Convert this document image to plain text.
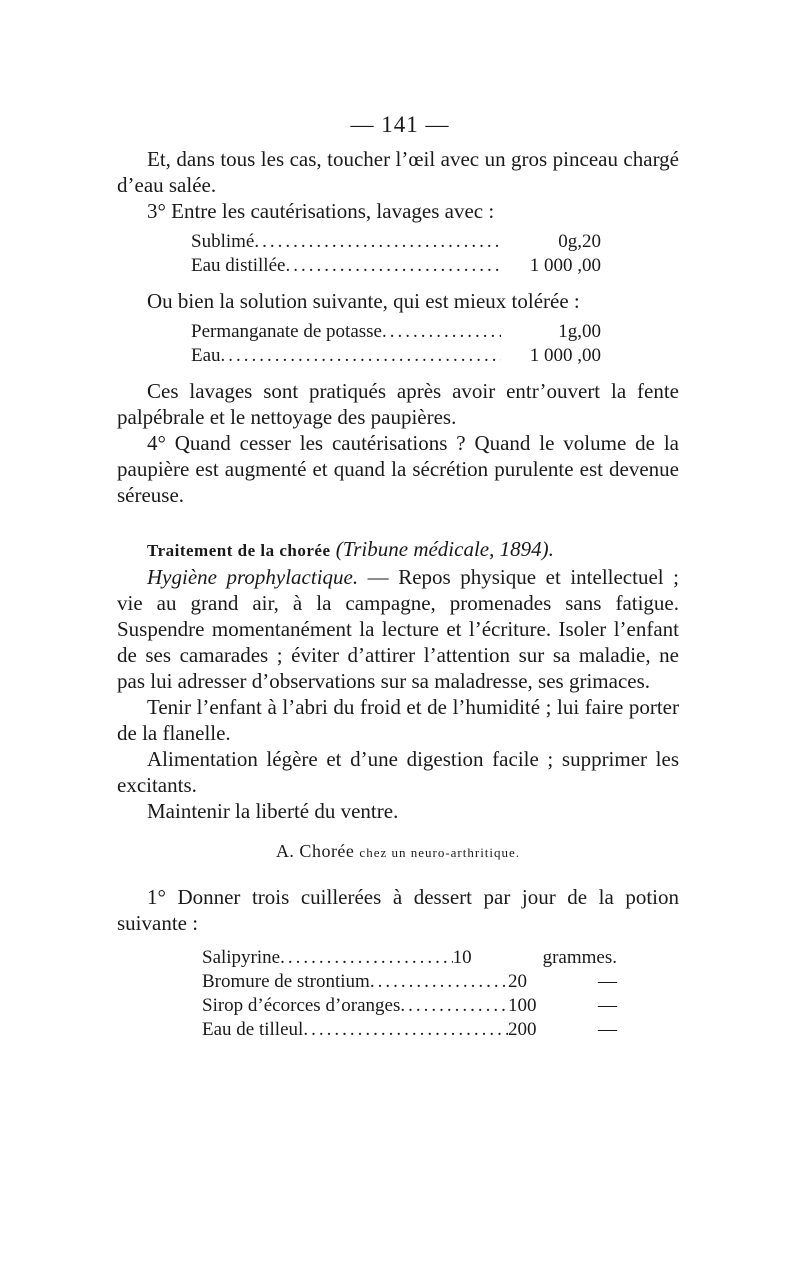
— 141 —

Et, dans tous les cas, toucher l’œil avec un gros pinceau chargé d’eau salée.

3° Entre les cautérisations, lavages avec :

Sublimé .....	0g,20
Eau distillée .....	1 000 ,00

Ou bien la solution suivante, qui est mieux tolérée :

Permanganate de potasse .....	1g,00
Eau .....	1 000 ,00

Ces lavages sont pratiqués après avoir entr’ouvert la fente palpébrale et le nettoyage des paupières.

4° Quand cesser les cautérisations ? Quand le volume de la paupière est augmenté et quand la sécrétion purulente est devenue séreuse.

Traitement de la chorée (Tribune médicale, 1894).

Hygiène prophylactique. — Repos physique et intellectuel ; vie au grand air, à la campagne, promenades sans fatigue. Suspendre momentanément la lecture et l’écriture. Isoler l’enfant de ses camarades ; éviter d’attirer l’attention sur sa maladie, ne pas lui adresser d’observations sur sa maladresse, ses grimaces.

Tenir l’enfant à l’abri du froid et de l’humidité ; lui faire porter de la flanelle.

Alimentation légère et d’une digestion facile ; supprimer les excitants.

Maintenir la liberté du ventre.

A. Chorée chez un neuro-arthritique.

1° Donner trois cuillerées à dessert par jour de la potion suivante :

Salipyrine .....	10	grammes.
Bromure de strontium .....	20	—
Sirop d’écorces d’oranges .....	100	—
Eau de tilleul .....	200	—
